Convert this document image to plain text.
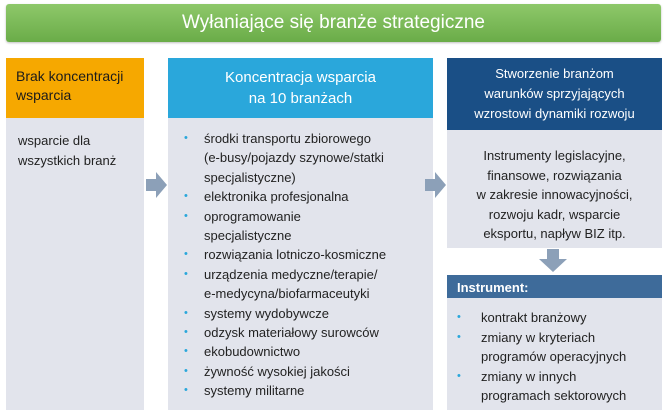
Wyłaniające się branże strategiczne
Brak koncentracji
wsparcia
wsparcie dla
wszystkich branż
Koncentracja wsparcia
na 10 branżach
• środki transportu zbiorowego
(e-busy/pojazdy szynowe/statki
specjalistyczne)
• elektronika profesjonalna
• oprogramowanie
specjalistyczne
• rozwiązania lotniczo-kosmiczne
• urządzenia medyczne/terapie/
e-medycyna/biofarmaceutyki
• systemy wydobywcze
• odzysk materiałowy surowców
• ekobudownictwo
• żywność wysokiej jakości
• systemy militarne
Stworzenie branżom
warunków sprzyjających
wzrostowi dynamiki rozwoju
Instrumenty legislacyjne,
finansowe, rozwiązania
w zakresie innowacyjności,
rozwoju kadr, wsparcie
eksportu, napływ BIZ itp.
Instrument:
• kontrakt branżowy
• zmiany w kryteriach
programów operacyjnych
• zmiany w innych
programach sektorowych
